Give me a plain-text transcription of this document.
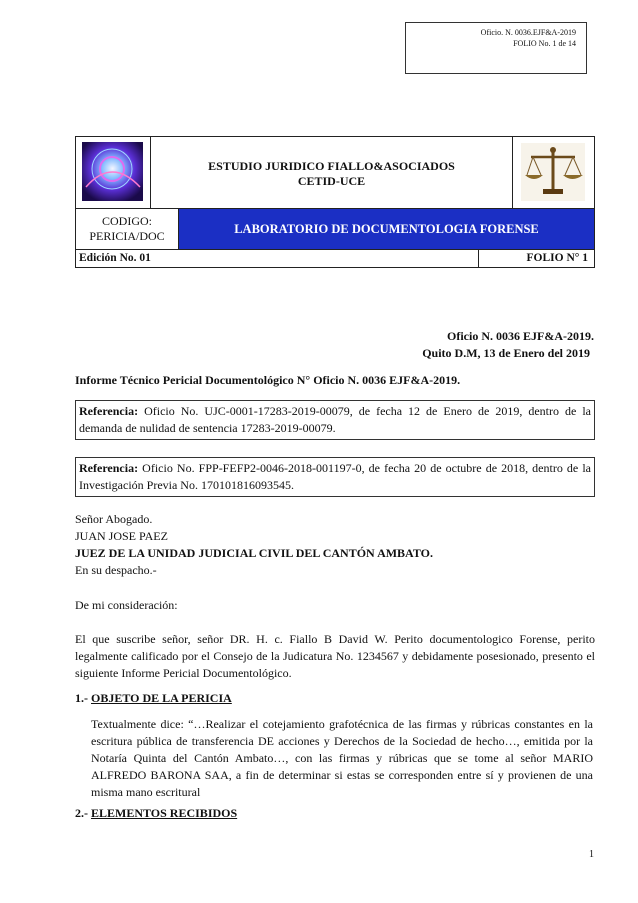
Oficio. N. 0036.EJF&A-2019
FOLIO No. 1 de 14
ESTUDIO JURIDICO FIALLO&ASOCIADOS
CETID-UCE
CODIGO:
PERICIA/DOC	LABORATORIO DE DOCUMENTOLOGIA FORENSE
Edición No. 01	FOLIO N° 1
Oficio N. 0036 EJF&A-2019.
Quito D.M, 13 de Enero del 2019
Informe Técnico Pericial Documentológico N° Oficio N. 0036 EJF&A-2019.
Referencia: Oficio No. UJC-0001-17283-2019-00079, de fecha 12 de Enero de 2019, dentro de la demanda de nulidad de sentencia 17283-2019-00079.
Referencia: Oficio No. FPP-FEFP2-0046-2018-001197-0, de fecha 20 de octubre de 2018, dentro de la Investigación Previa No. 170101816093545.
Señor Abogado.
JUAN JOSE PAEZ
JUEZ DE LA UNIDAD JUDICIAL CIVIL DEL CANTÓN AMBATO.
En su despacho.-
De mi consideración:
El que suscribe señor, señor DR. H. c. Fiallo B David W. Perito documentologico Forense, perito legalmente calificado por el Consejo de la Judicatura No. 1234567 y debidamente posesionado, presento el siguiente Informe Pericial Documentológico.
1.- OBJETO DE LA PERICIA
Textualmente dice: “…Realizar el cotejamiento grafotécnica de las firmas y rúbricas constantes en la escritura pública de transferencia DE acciones y Derechos de la Sociedad de hecho…, emitida por la Notaría Quinta del Cantón Ambato…, con las firmas y rúbricas que se tome al señor MARIO ALFREDO BARONA SAA, a fin de determinar si estas se corresponden entre sí y provienen de una misma mano escritural
2.- ELEMENTOS RECIBIDOS
1
